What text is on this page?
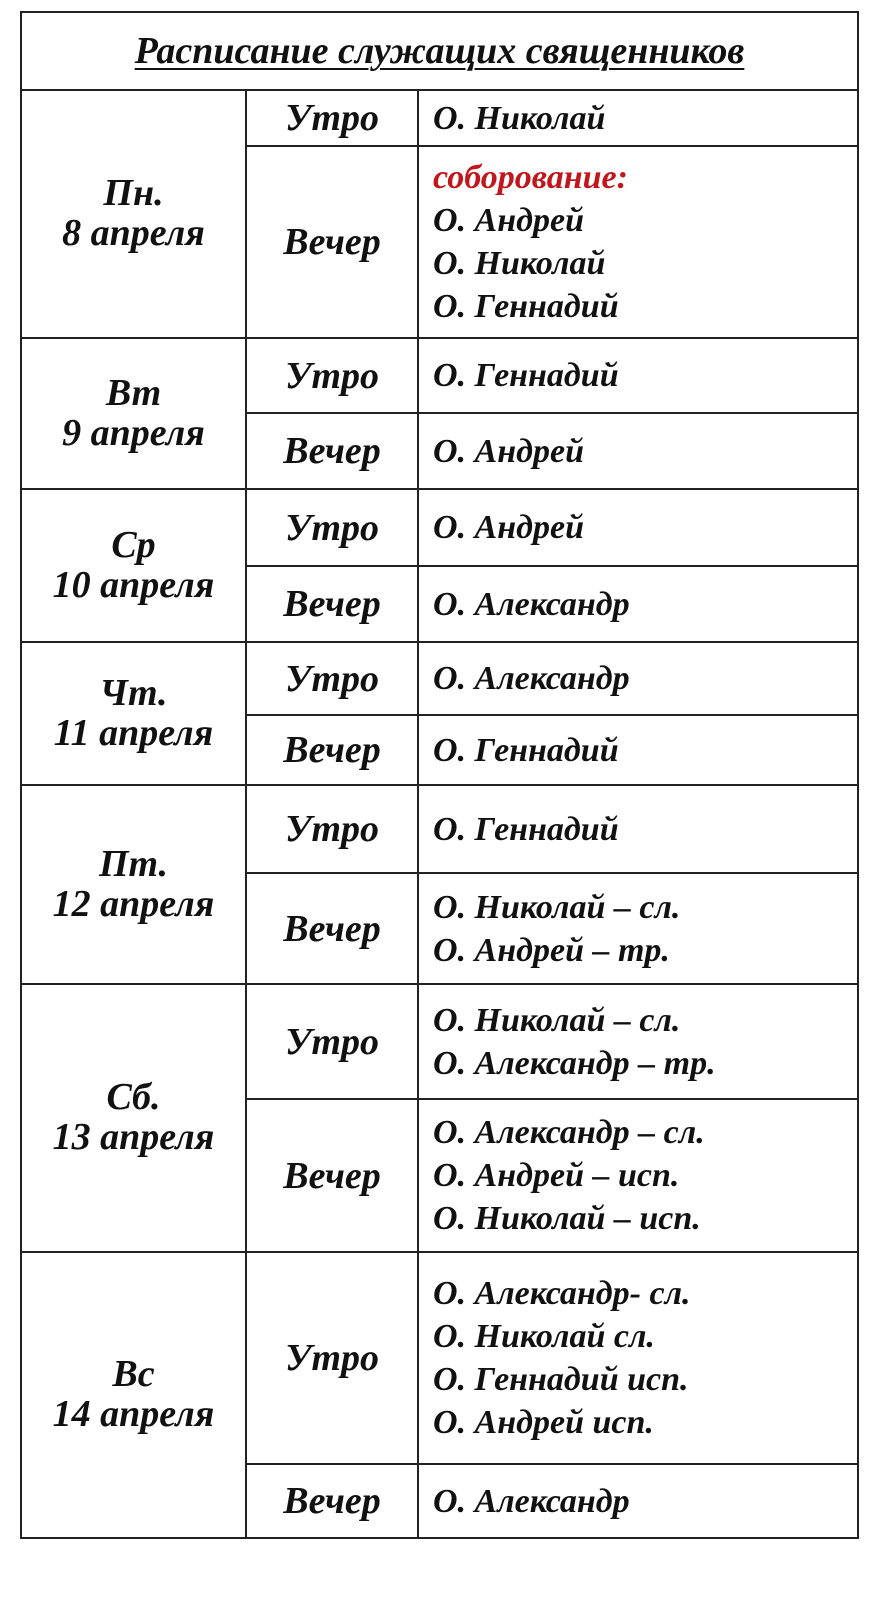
Расписание служащих священников		

Пн.
8 апреля	Утро	О. Николай

	Вечер	соборование:
О. Андрей
О. Николай
О. Геннадий

Вт
9 апреля	Утро	О. Геннадий

	Вечер	О. Андрей

Ср
10 апреля	Утро	О. Андрей

	Вечер	О. Александр

Чт.
11 апреля	Утро	О. Александр

	Вечер	О. Геннадий

Пт.
12 апреля	Утро	О. Геннадий

	Вечер	О. Николай – сл.
О. Андрей – тр.

Сб.
13 апреля	Утро	О. Николай – сл.
О. Александр – тр.

	Вечер	О. Александр – сл.
О. Андрей – исп.
О. Николай – исп.

Вс
14 апреля	Утро	О. Александр- сл.
О. Николай сл.
О. Геннадий исп.
О. Андрей исп.

	Вечер	О. Александр
